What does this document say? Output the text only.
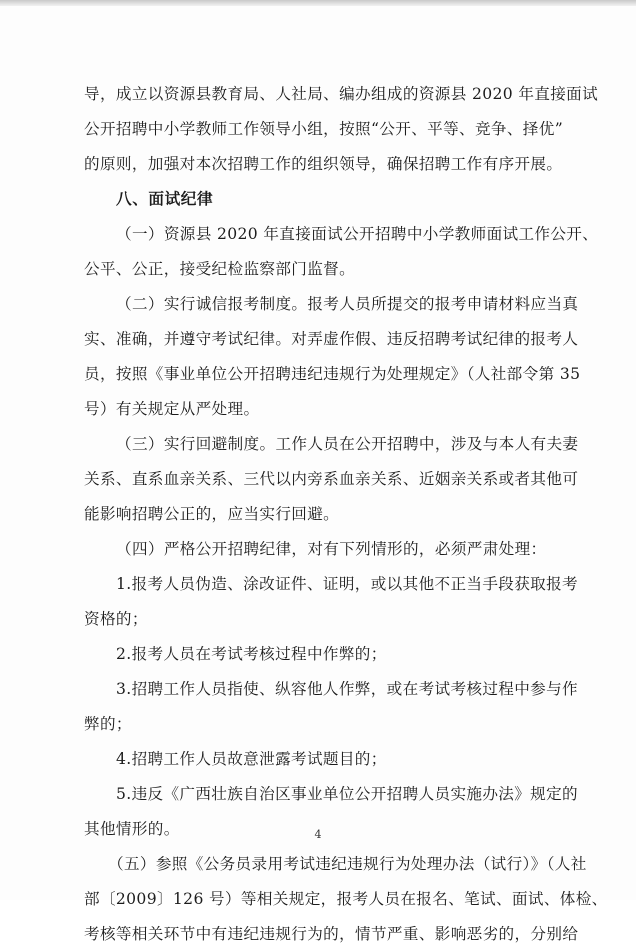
导，成立以资源县教育局、人社局、编办组成的资源县 2020 年直接面试
公开招聘中小学教师工作领导小组，按照“公开、平等、竞争、择优”
的原则，加强对本次招聘工作的组织领导，确保招聘工作有序开展。
八、面试纪律
（一）资源县 2020 年直接面试公开招聘中小学教师面试工作公开、
公平、公正，接受纪检监察部门监督。
（二）实行诚信报考制度。报考人员所提交的报考申请材料应当真
实、准确，并遵守考试纪律。对弄虚作假、违反招聘考试纪律的报考人
员，按照《事业单位公开招聘违纪违规行为处理规定》（人社部令第 35
号）有关规定从严处理。
（三）实行回避制度。工作人员在公开招聘中，涉及与本人有夫妻
关系、直系血亲关系、三代以内旁系血亲关系、近姻亲关系或者其他可
能影响招聘公正的，应当实行回避。
（四）严格公开招聘纪律，对有下列情形的，必须严肃处理：
1.报考人员伪造、涂改证件、证明，或以其他不正当手段获取报考
资格的；
2.报考人员在考试考核过程中作弊的；
3.招聘工作人员指使、纵容他人作弊，或在考试考核过程中参与作
弊的；
4.招聘工作人员故意泄露考试题目的；
5.违反《广西壮族自治区事业单位公开招聘人员实施办法》规定的
其他情形的。
（五）参照《公务员录用考试违纪违规行为处理办法（试行）》（人社
部〔2009〕126 号）等相关规定，报考人员在报名、笔试、面试、体检、
考核等相关环节中有违纪违规行为的，情节严重、影响恶劣的，分别给
4
